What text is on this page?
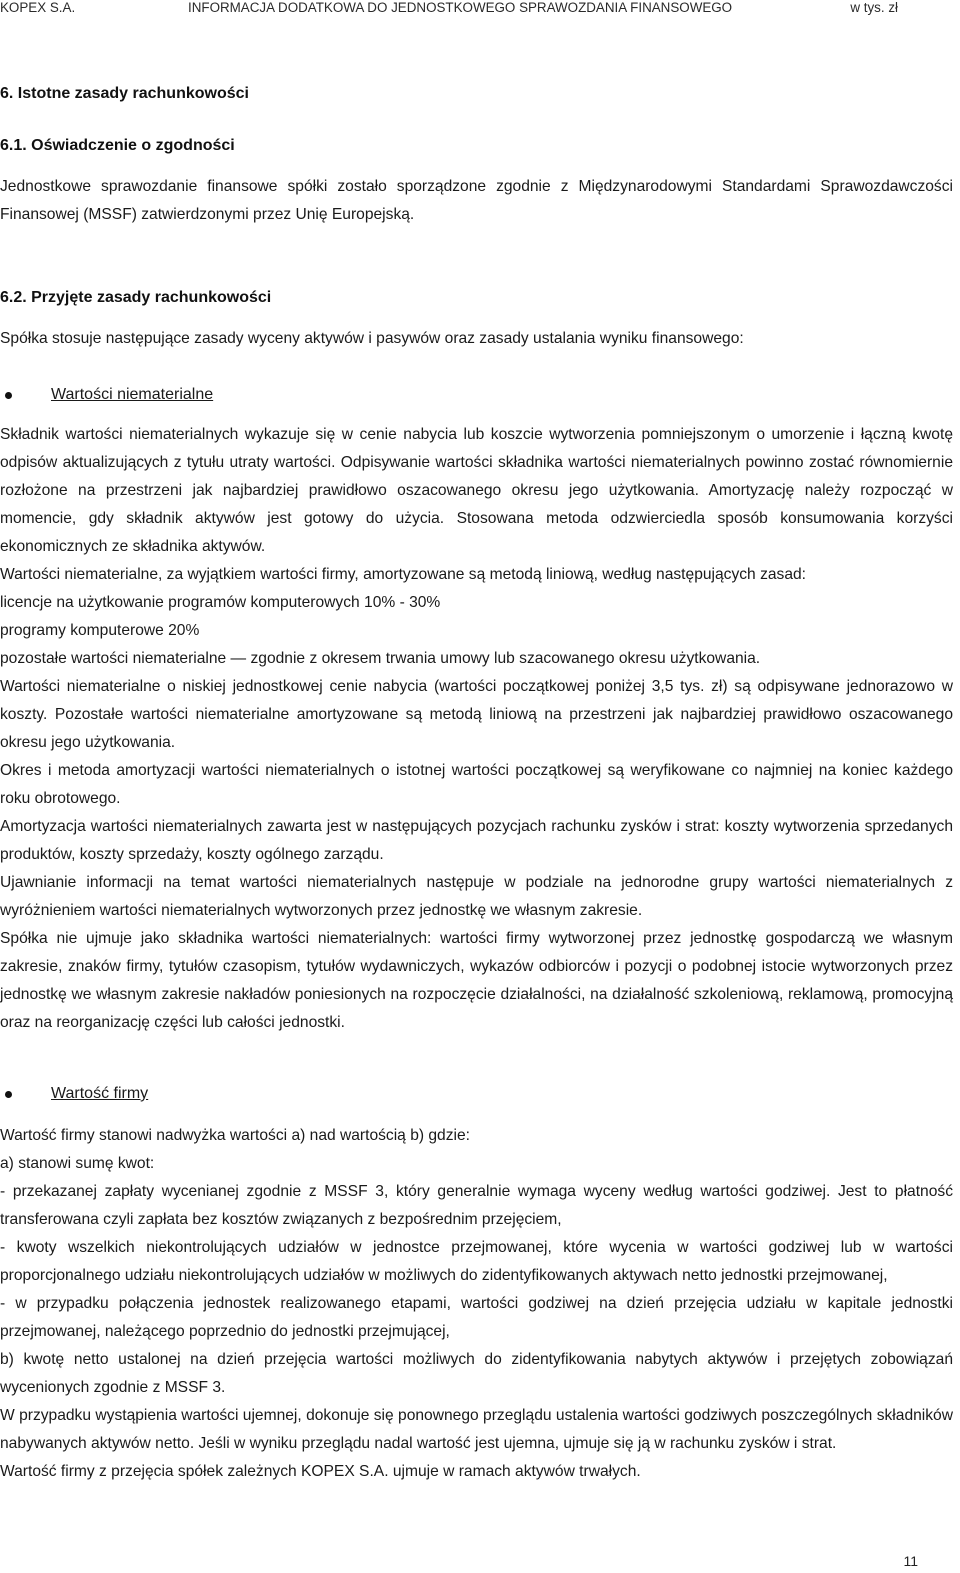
KOPEX S.A.	INFORMACJA DODATKOWA DO JEDNOSTKOWEGO SPRAWOZDANIA FINANSOWEGO	w tys. zł
6. Istotne zasady rachunkowości
6.1. Oświadczenie o zgodności

Jednostkowe sprawozdanie finansowe spółki zostało sporządzone zgodnie z Międzynarodowymi Standardami Sprawozdawczości Finansowej (MSSF) zatwierdzonymi przez Unię Europejską.

6.2. Przyjęte zasady rachunkowości

Spółka stosuje następujące zasady wyceny aktywów i pasywów oraz zasady ustalania wyniku finansowego:

Wartości niematerialne

Składnik wartości niematerialnych wykazuje się w cenie nabycia lub koszcie wytworzenia pomniejszonym o umorzenie i łączną kwotę odpisów aktualizujących z tytułu utraty wartości. Odpisywanie wartości składnika wartości niematerialnych powinno zostać równomiernie rozłożone na przestrzeni jak najbardziej prawidłowo oszacowanego okresu jego użytkowania. Amortyzację należy rozpocząć w momencie, gdy składnik aktywów jest gotowy do użycia. Stosowana metoda odzwierciedla sposób konsumowania korzyści ekonomicznych ze składnika aktywów.

Wartości niematerialne, za wyjątkiem wartości firmy, amortyzowane są metodą liniową, według następujących zasad:

licencje na użytkowanie programów komputerowych 10% - 30%

programy komputerowe 20%

pozostałe wartości niematerialne — zgodnie z okresem trwania umowy lub szacowanego okresu użytkowania.

Wartości niematerialne o niskiej jednostkowej cenie nabycia (wartości początkowej poniżej 3,5 tys. zł) są odpisywane jednorazowo w koszty. Pozostałe wartości niematerialne amortyzowane są metodą liniową na przestrzeni jak najbardziej prawidłowo oszacowanego okresu jego użytkowania.

Okres i metoda amortyzacji wartości niematerialnych o istotnej wartości początkowej są weryfikowane co najmniej na koniec każdego roku obrotowego.

Amortyzacja wartości niematerialnych zawarta jest w następujących pozycjach rachunku zysków i strat: koszty wytworzenia sprzedanych produktów, koszty sprzedaży, koszty ogólnego zarządu.

Ujawnianie informacji na temat wartości niematerialnych następuje w podziale na jednorodne grupy wartości niematerialnych z wyróżnieniem wartości niematerialnych wytworzonych przez jednostkę we własnym zakresie.

Spółka nie ujmuje jako składnika wartości niematerialnych: wartości firmy wytworzonej przez jednostkę gospodarczą we własnym zakresie, znaków firmy, tytułów czasopism, tytułów wydawniczych, wykazów odbiorców i pozycji o podobnej istocie wytworzonych przez jednostkę we własnym zakresie nakładów poniesionych na rozpoczęcie działalności, na działalność szkoleniową, reklamową, promocyjną oraz na reorganizację części lub całości jednostki.

Wartość firmy

Wartość firmy stanowi nadwyżka wartości a) nad wartością b) gdzie:

a) stanowi sumę kwot:

- przekazanej zapłaty wycenianej zgodnie z MSSF 3, który generalnie wymaga wyceny według wartości godziwej. Jest to płatność transferowana czyli zapłata bez kosztów związanych z bezpośrednim przejęciem,

- kwoty wszelkich niekontrolujących udziałów w jednostce przejmowanej, które wycenia w wartości godziwej lub w wartości proporcjonalnego udziału niekontrolujących udziałów w możliwych do zidentyfikowanych aktywach netto jednostki przejmowanej,

- w przypadku połączenia jednostek realizowanego etapami, wartości godziwej na dzień przejęcia udziału w kapitale jednostki przejmowanej, należącego poprzednio do jednostki przejmującej,

b) kwotę netto ustalonej na dzień przejęcia wartości możliwych do zidentyfikowania nabytych aktywów i przejętych zobowiązań wycenionych zgodnie z MSSF 3.

W przypadku wystąpienia wartości ujemnej, dokonuje się ponownego przeglądu ustalenia wartości godziwych poszczególnych składników nabywanych aktywów netto. Jeśli w wyniku przeglądu nadal wartość jest ujemna, ujmuje się ją w rachunku zysków i strat.

Wartość firmy z przejęcia spółek zależnych KOPEX S.A. ujmuje w ramach aktywów trwałych.

11
